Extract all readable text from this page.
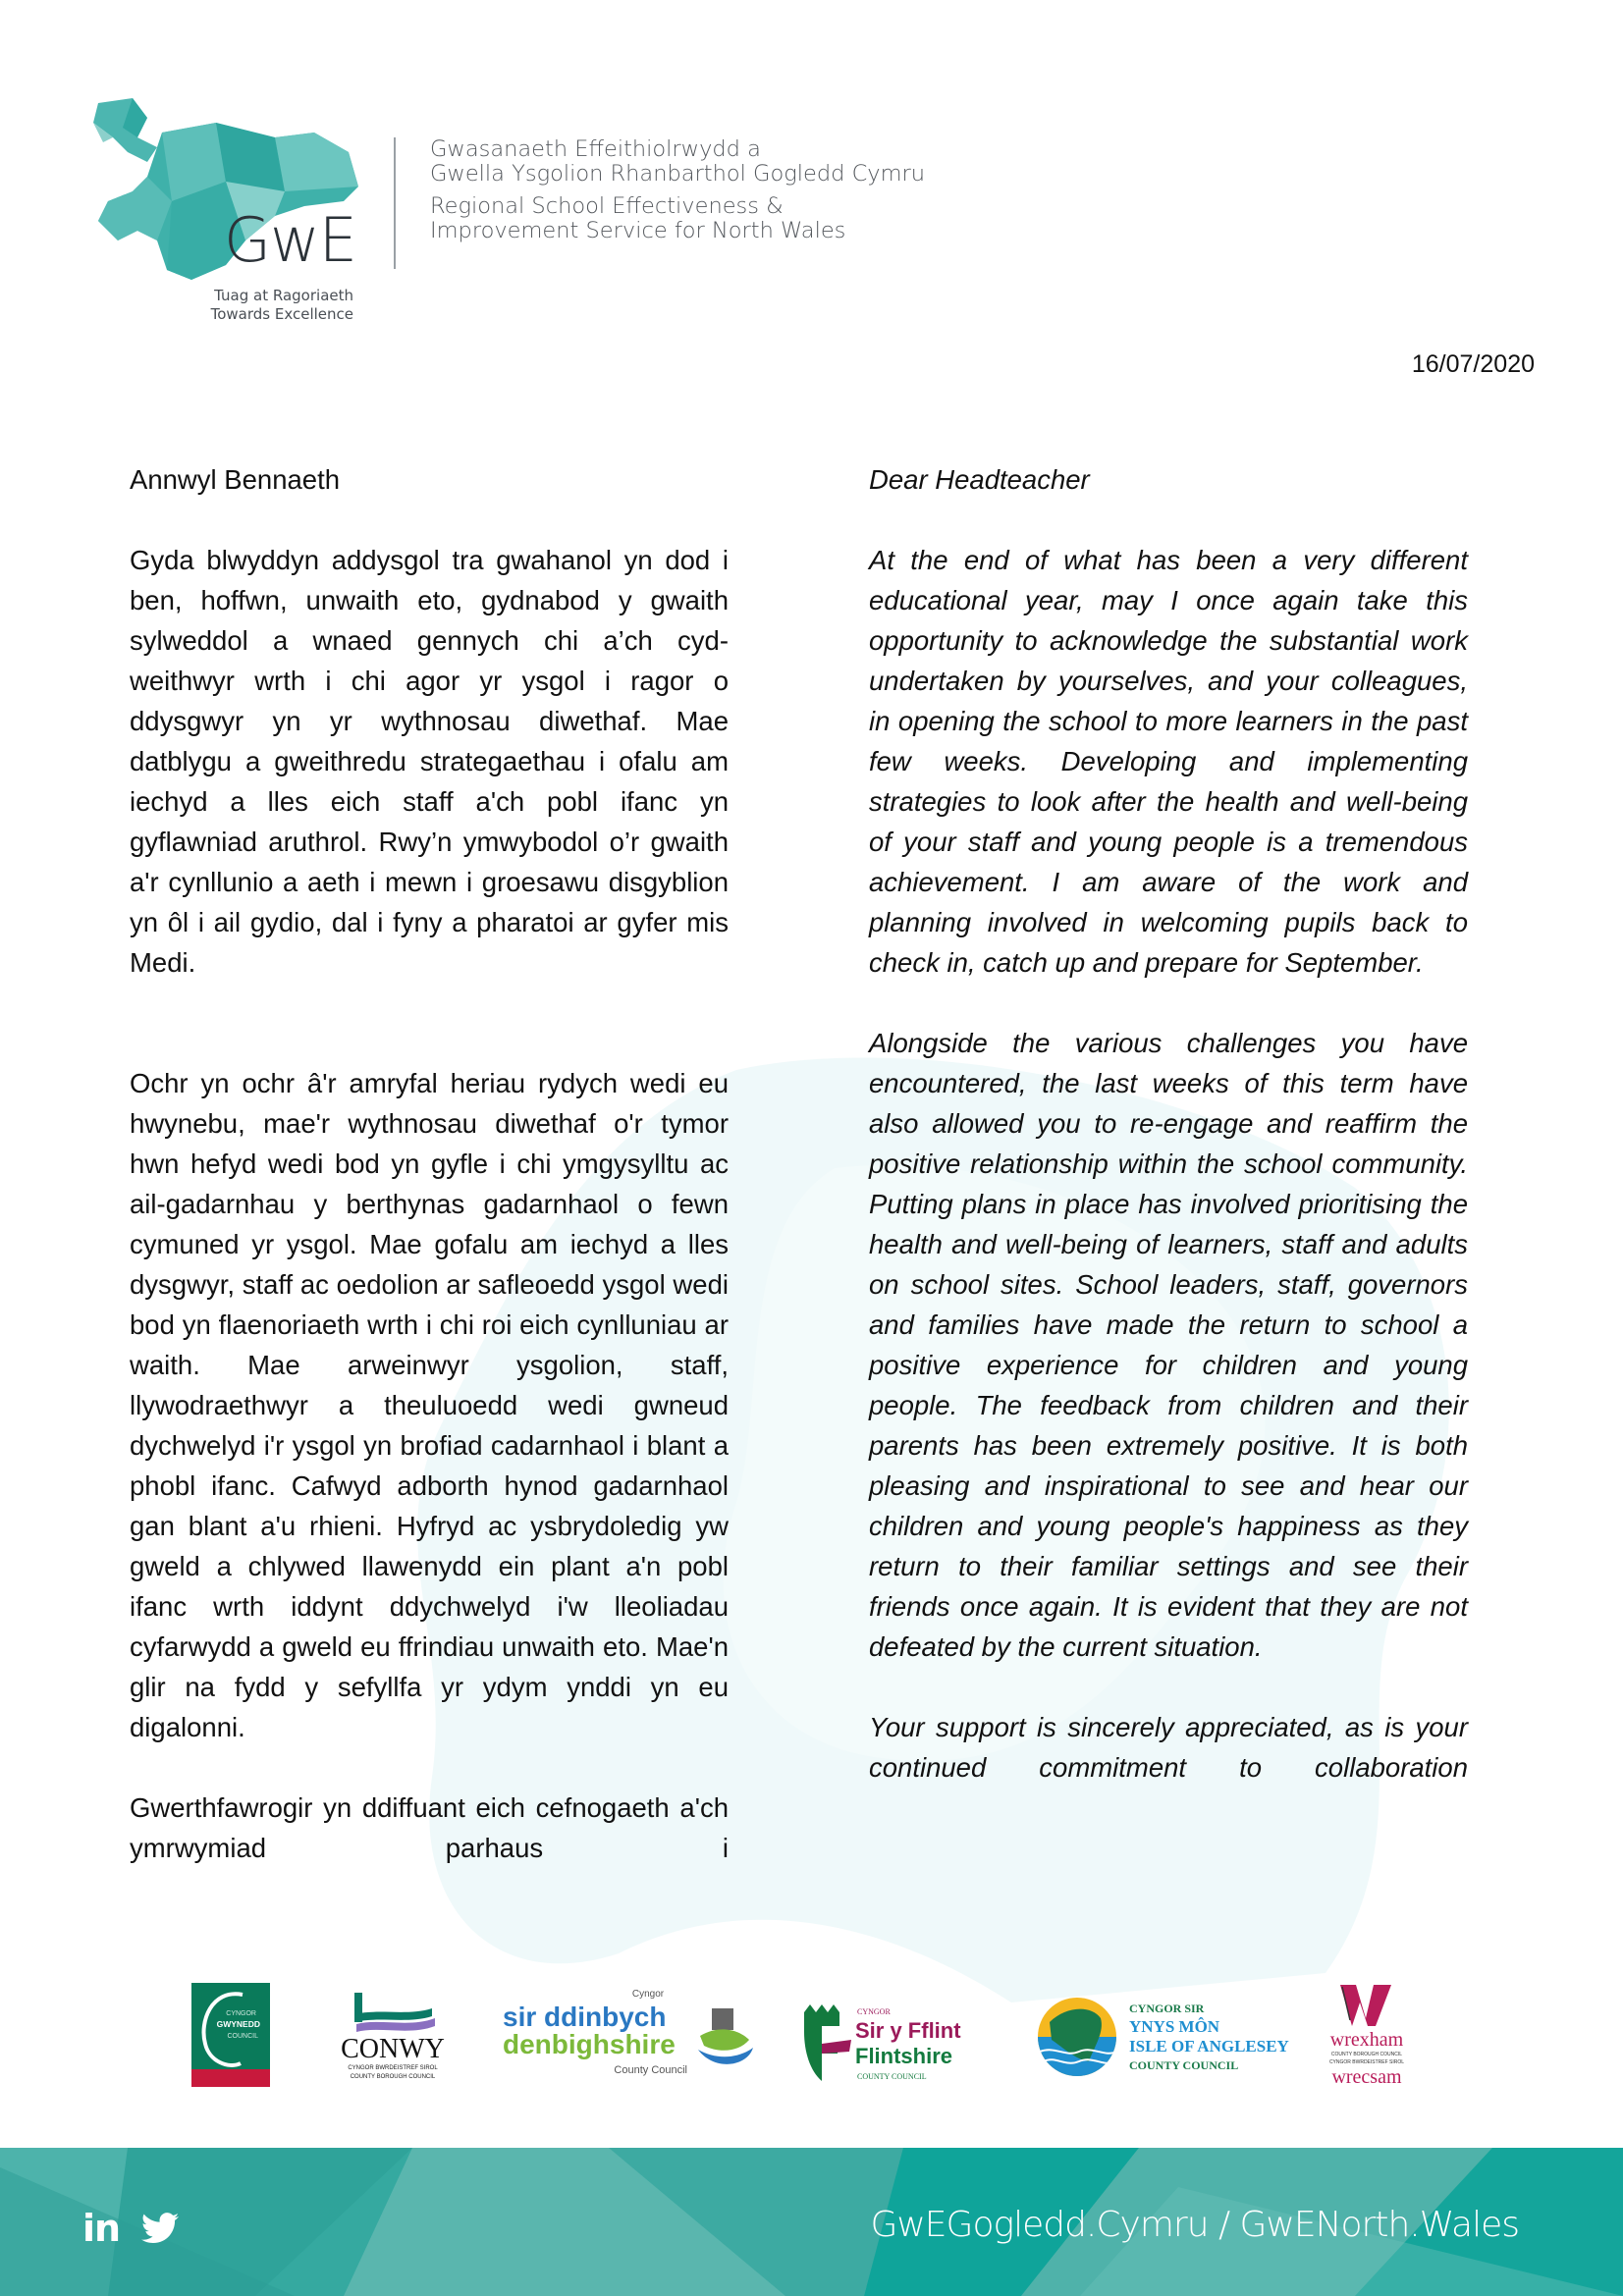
GwE
Tuag at Ragoriaeth
Towards Excellence
Gwasanaeth Effeithiolrwydd a
Gwella Ysgolion Rhanbarthol Gogledd Cymru
Regional School Effectiveness &
Improvement Service for North Wales
16/07/2020

Annwyl Bennaeth

Gyda blwyddyn addysgol tra gwahanol yn dod i ben, hoffwn, unwaith eto, gydnabod y gwaith sylweddol a wnaed gennych chi a’ch cyd-weithwyr wrth i chi agor yr ysgol i ragor o ddysgwyr yn yr wythnosau diwethaf. Mae datblygu a gweithredu strategaethau i ofalu am iechyd a lles eich staff a'ch pobl ifanc yn gyflawniad aruthrol. Rwy’n ymwybodol o’r gwaith a'r cynllunio a aeth i mewn i groesawu disgyblion yn ôl i ail gydio, dal i fyny a pharatoi ar gyfer mis Medi.

Ochr yn ochr â'r amryfal heriau rydych wedi eu hwynebu, mae'r wythnosau diwethaf o'r tymor hwn hefyd wedi bod yn gyfle i chi ymgysylltu ac ail-gadarnhau y berthynas gadarnhaol o fewn cymuned yr ysgol. Mae gofalu am iechyd a lles dysgwyr, staff ac oedolion ar safleoedd ysgol wedi bod yn flaenoriaeth wrth i chi roi eich cynlluniau ar waith. Mae arweinwyr ysgolion, staff, llywodraethwyr a theuluoedd wedi gwneud dychwelyd i'r ysgol yn brofiad cadarnhaol i blant a phobl ifanc. Cafwyd adborth hynod gadarnhaol gan blant a'u rhieni. Hyfryd ac ysbrydoledig yw gweld a chlywed llawenydd ein plant a'n pobl ifanc wrth iddynt ddychwelyd i'w lleoliadau cyfarwydd a gweld eu ffrindiau unwaith eto. Mae'n glir na fydd y sefyllfa yr ydym ynddi yn eu digalonni.

Gwerthfawrogir yn ddiffuant eich cefnogaeth a'ch ymrwymiad parhaus i

Dear Headteacher

At the end of what has been a very different educational year, may I once again take this opportunity to acknowledge the substantial work undertaken by yourselves, and your colleagues, in opening the school to more learners in the past few weeks. Developing and implementing strategies to look after the health and well-being of your staff and young people is a tremendous achievement. I am aware of the work and planning involved in welcoming pupils back to check in, catch up and prepare for September.

Alongside the various challenges you have encountered, the last weeks of this term have also allowed you to re-engage and reaffirm the positive relationship within the school community. Putting plans in place has involved prioritising the health and well-being of learners, staff and adults on school sites. School leaders, staff, governors and families have made the return to school a positive experience for children and young people. The feedback from children and their parents has been extremely positive. It is both pleasing and inspirational to see and hear our children and young people's happiness as they return to their familiar settings and see their friends once again. It is evident that they are not defeated by the current situation.

Your support is sincerely appreciated, as is your continued commitment to collaboration

CYNGOR
GWYNEDD
COUNCIL	CONWY
CYNGOR BWRDEISTREF SIROL
COUNTY BOROUGH COUNCIL
Cyngor
sir ddinbych
denbighshire
County Council
CYNGOR
Sir y Fflint
Flintshire
COUNTY COUNCIL
CYNGOR SIR
YNYS MÔN
ISLE OF ANGLESEY
COUNTY COUNCIL
wrexham
COUNTY BOROUGH COUNCIL
CYNGOR BWRDEISTREF SIROL
wrecsam
in	GwEGogledd.Cymru / GwENorth.Wales
